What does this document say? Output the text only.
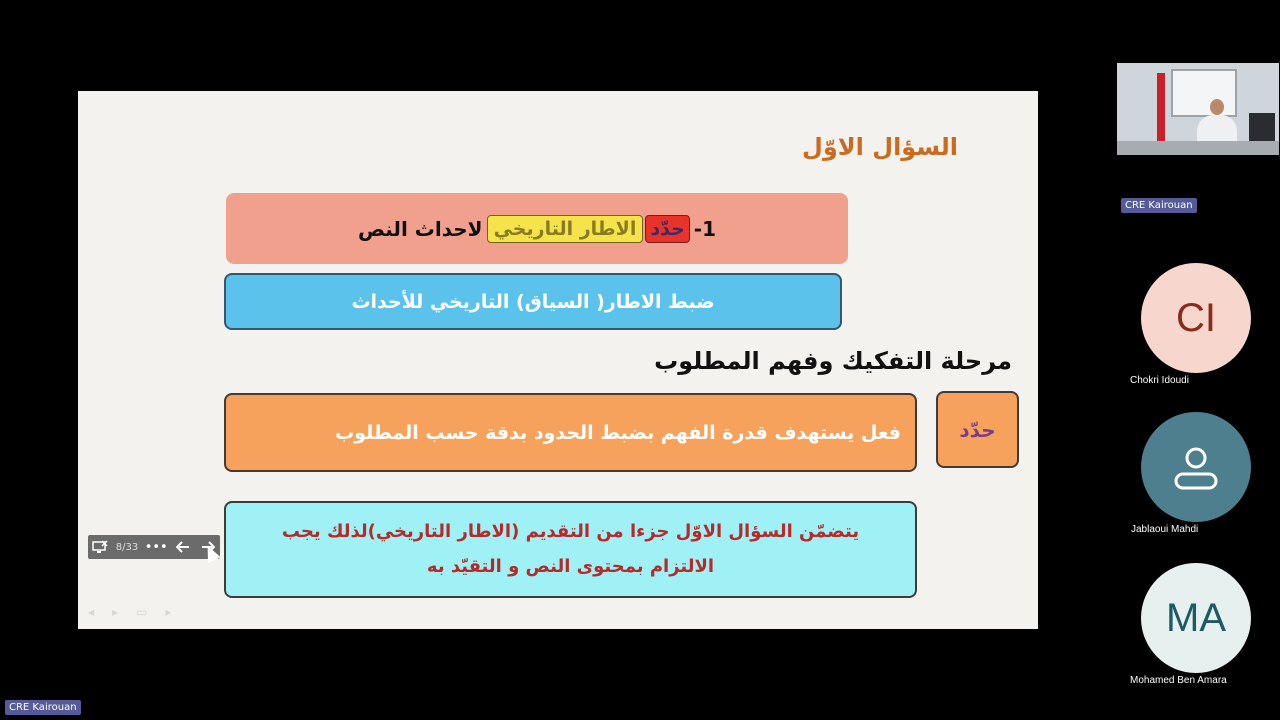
السؤال الاوّل
1-
حدّد
الاطار التاريخي
لاحداث النص
ضبط الاطار( السياق) التاريخي للأحداث
مرحلة التفكيك وفهم المطلوب
فعل يستهدف قدرة الفهم بضبط الحدود بدقة حسب المطلوب	حدّد
يتضمّن السؤال الاوّل جزءا من التقديم (الاطار التاريخي)لذلك يجب
الالتزام بمحتوى النص و التقيّد به
◂ ▸ ▭ ▸
8/33 •••
CRE Kairouan
CI
Chokri Idoudi
Jablaoui Mahdi
MA
Mohamed Ben Amara
CRE Kairouan
